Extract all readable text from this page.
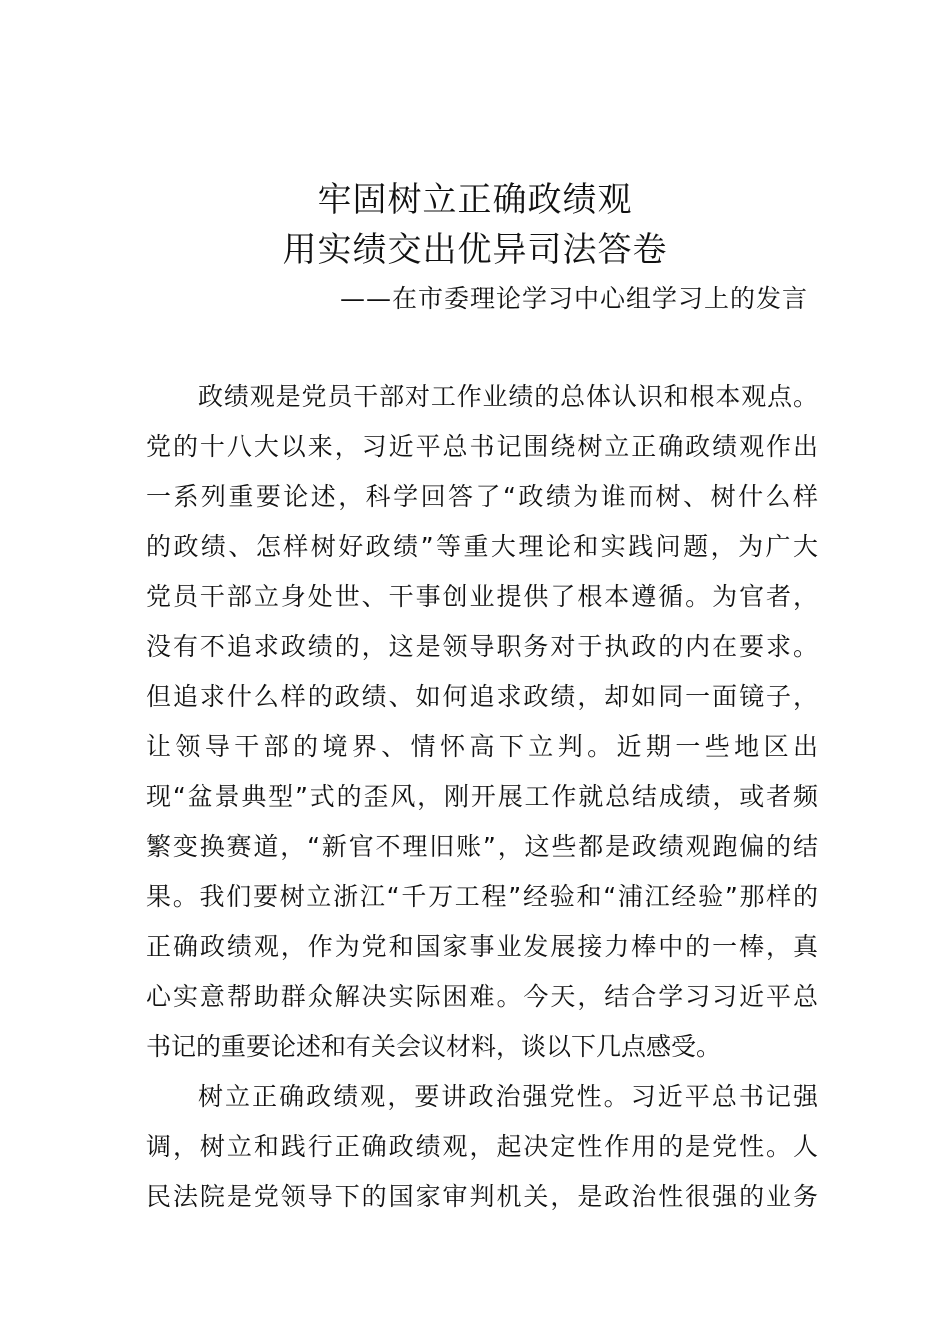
牢固树立正确政绩观
用实绩交出优异司法答卷
——在市委理论学习中心组学习上的发言
政绩观是党员干部对工作业绩的总体认识和根本观点。
党的十八大以来，习近平总书记围绕树立正确政绩观作出
一系列重要论述，科学回答了“政绩为谁而树、树什么样
的政绩、怎样树好政绩”等重大理论和实践问题，为广大
党员干部立身处世、干事创业提供了根本遵循。为官者，
没有不追求政绩的，这是领导职务对于执政的内在要求。
但追求什么样的政绩、如何追求政绩，却如同一面镜子，
让领导干部的境界、情怀高下立判。近期一些地区出
现“盆景典型”式的歪风，刚开展工作就总结成绩，或者频
繁变换赛道，“新官不理旧账”，这些都是政绩观跑偏的结
果。我们要树立浙江“千万工程”经验和“浦江经验”那样的
正确政绩观，作为党和国家事业发展接力棒中的一棒，真
心实意帮助群众解决实际困难。今天，结合学习习近平总
书记的重要论述和有关会议材料，谈以下几点感受。
树立正确政绩观，要讲政治强党性。习近平总书记强
调，树立和践行正确政绩观，起决定性作用的是党性。人
民法院是党领导下的国家审判机关，是政治性很强的业务
